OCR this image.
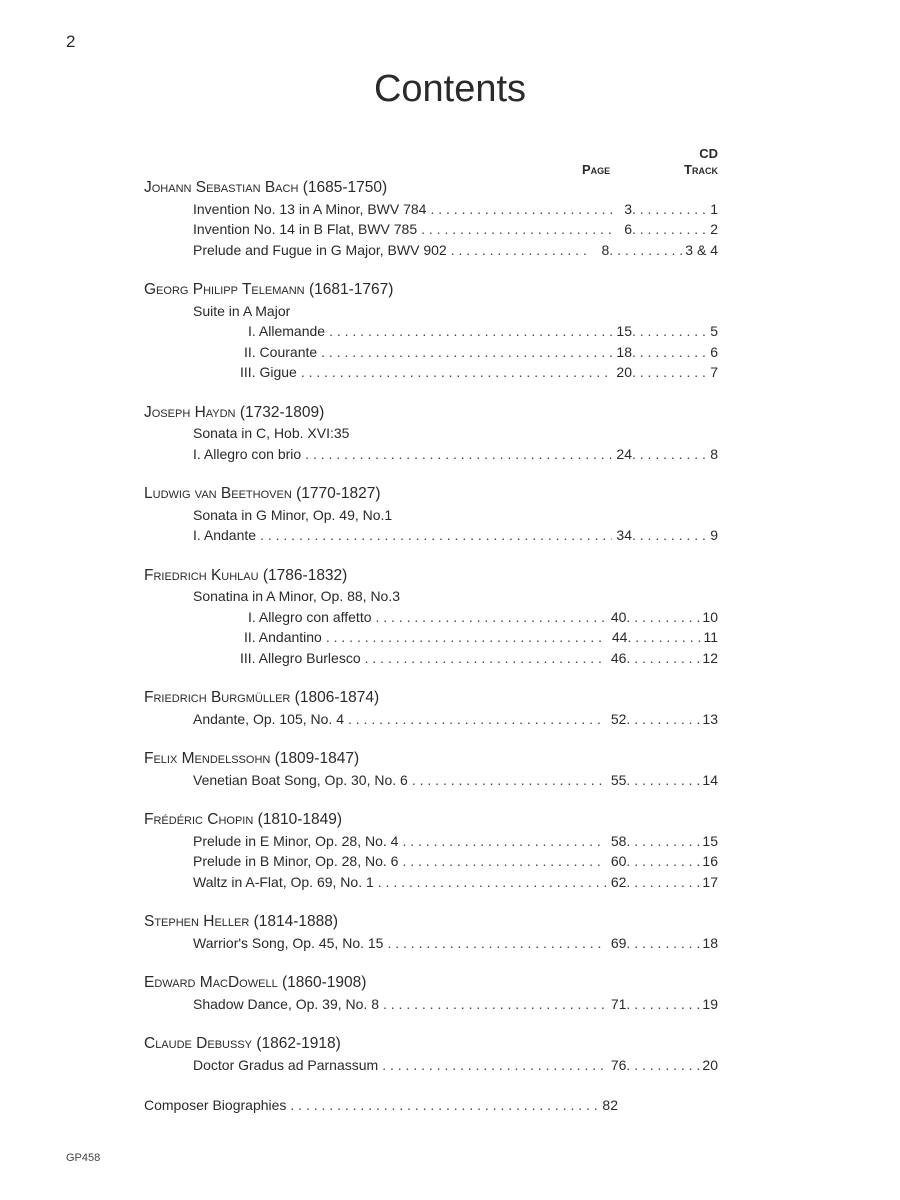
2
Contents
Page
CD
Track
Johann Sebastian Bach (1685-1750)
Invention No. 13 in A Minor, BWV 784 . . .	3 . . .	1
Invention No. 14 in B Flat, BWV 785 . . .	6 . . .	2
Prelude and Fugue in G Major, BWV 902 . . .	8 . . .	3 & 4
Georg Philipp Telemann (1681-1767)
Suite in A Major
I. Allemande . . .	15 . . .	5
II. Courante . . .	18 . . .	6
III. Gigue . . .	20 . . .	7
Joseph Haydn (1732-1809)
Sonata in C, Hob. XVI:35
I. Allegro con brio . . .	24 . . .	8
Ludwig van Beethoven (1770-1827)
Sonata in G Minor, Op. 49, No.1
I. Andante . . .	34 . . .	9
Friedrich Kuhlau (1786-1832)
Sonatina in A Minor, Op. 88, No.3
I. Allegro con affetto . . .	40 . . .	10
II. Andantino . . .	44 . . .	11
III. Allegro Burlesco . . .	46 . . .	12
Friedrich Burgmüller (1806-1874)
Andante, Op. 105, No. 4 . . .	52 . . .	13
Felix Mendelssohn (1809-1847)
Venetian Boat Song, Op. 30, No. 6 . . .	55 . . .	14
Frédéric Chopin (1810-1849)
Prelude in E Minor, Op. 28, No. 4 . . .	58 . . .	15
Prelude in B Minor, Op. 28, No. 6 . . .	60 . . .	16
Waltz in A-Flat, Op. 69, No. 1 . . .	62 . . .	17
Stephen Heller (1814-1888)
Warrior's Song, Op. 45, No. 15 . . .	69 . . .	18
Edward MacDowell (1860-1908)
Shadow Dance, Op. 39, No. 8 . . .	71 . . .	19
Claude Debussy (1862-1918)
Doctor Gradus ad Parnassum . . .	76 . . .	20
Composer Biographies . . .	82
GP458
